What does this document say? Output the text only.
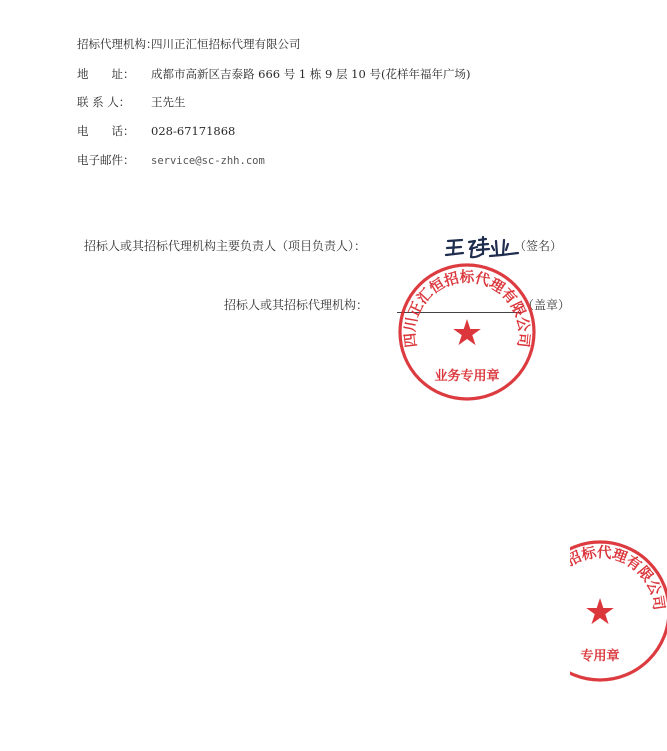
招标代理机构：四川正汇恒招标代理有限公司
地　　址： 成都市高新区吉泰路 666 号 1 栋 9 层 10 号(花样年福年广场)
联 系 人： 王先生
电　　话： 028-67171868
电子邮件： service@sc-zhh.com
招标人或其招标代理机构主要负责人（项目负责人）：	（签名）
招标人或其招标代理机构：	（盖章）
四川正汇恒招标代理有限公司
★
业务专用章
招标代理有限公司
★
专用章
